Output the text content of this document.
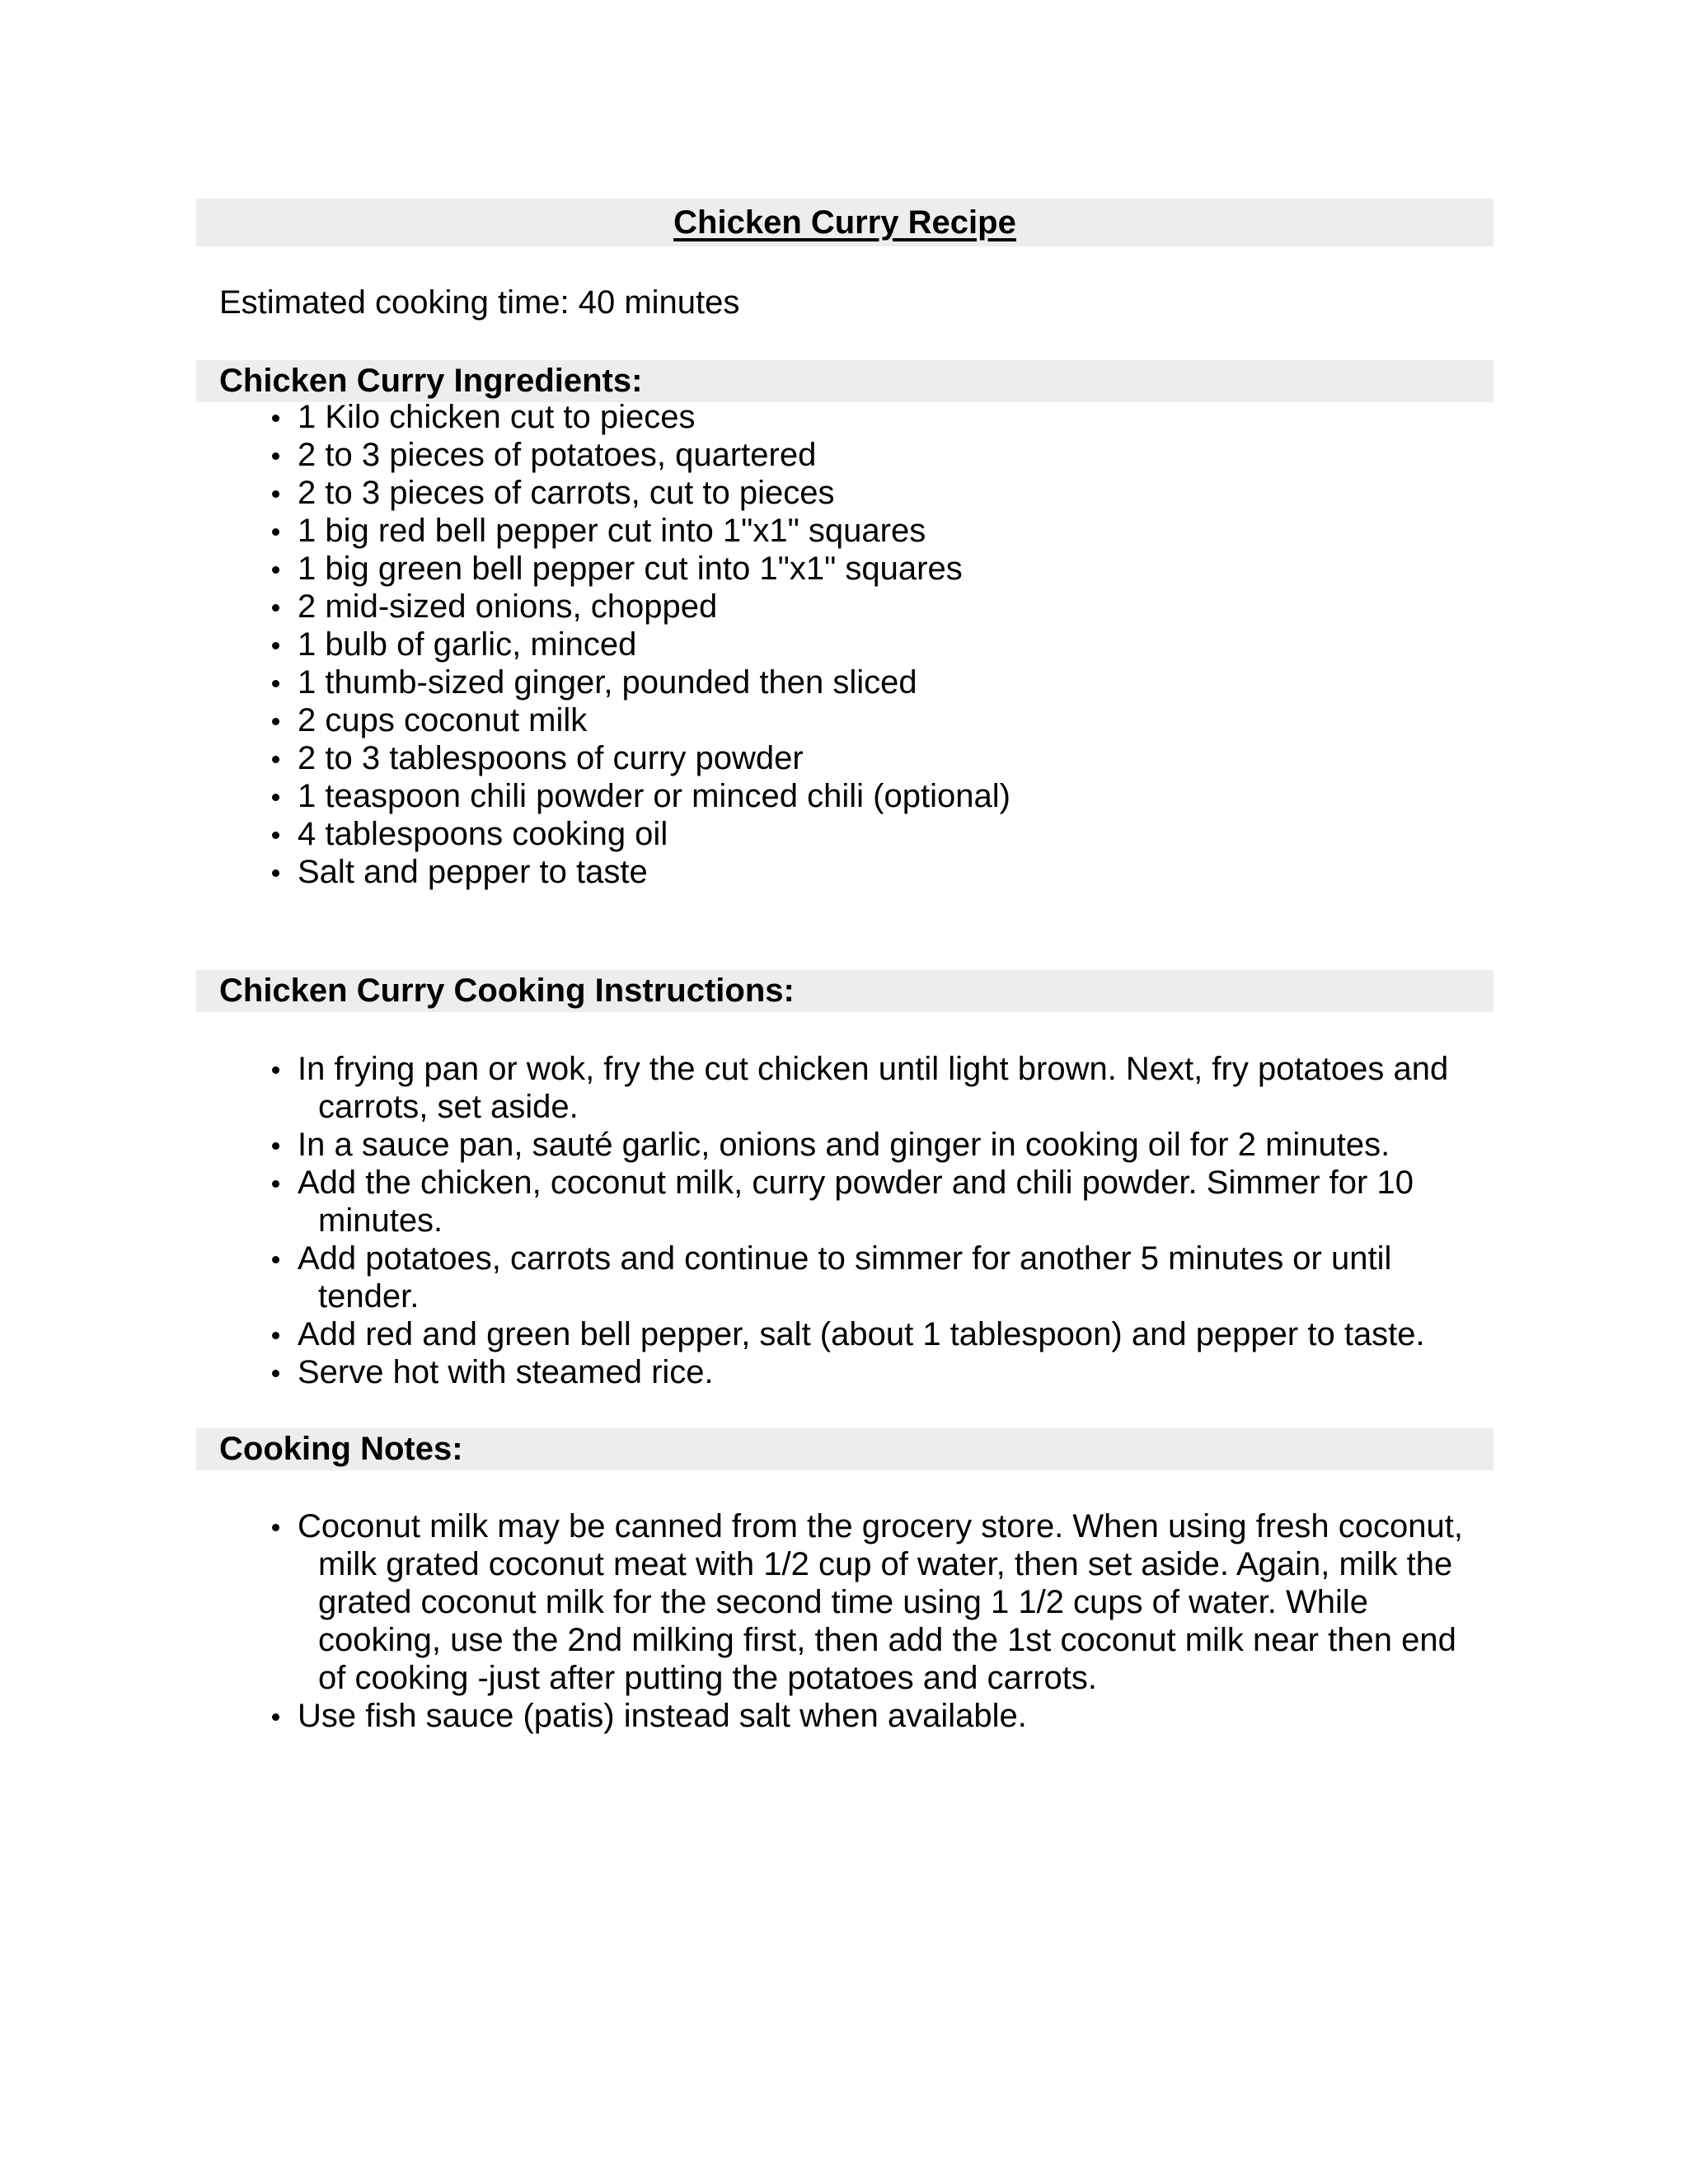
Chicken Curry Recipe
Estimated cooking time: 40 minutes
Chicken Curry Ingredients:
1 Kilo chicken cut to pieces
2 to 3 pieces of potatoes, quartered
2 to 3 pieces of carrots, cut to pieces
1 big red bell pepper cut into 1"x1" squares
1 big green bell pepper cut into 1"x1" squares
2 mid-sized onions, chopped
1 bulb of garlic, minced
1 thumb-sized ginger, pounded then sliced
2 cups coconut milk
2 to 3 tablespoons of curry powder
1 teaspoon chili powder or minced chili (optional)
4 tablespoons cooking oil
Salt and pepper to taste
Chicken Curry Cooking Instructions:
In frying pan or wok, fry the cut chicken until light brown. Next, fry potatoes and carrots, set aside.
In a sauce pan, sauté garlic, onions and ginger in cooking oil for 2 minutes.
Add the chicken, coconut milk, curry powder and chili powder. Simmer for 10 minutes.
Add potatoes, carrots and continue to simmer for another 5 minutes or until tender.
Add red and green bell pepper, salt (about 1 tablespoon) and pepper to taste.
Serve hot with steamed rice.
Cooking Notes:
Coconut milk may be canned from the grocery store. When using fresh coconut, milk grated coconut meat with 1/2 cup of water, then set aside. Again, milk the grated coconut milk for the second time using 1 1/2 cups of water. While cooking, use the 2nd milking first, then add the 1st coconut milk near then end of cooking -just after putting the potatoes and carrots.
Use fish sauce (patis) instead salt when available.
